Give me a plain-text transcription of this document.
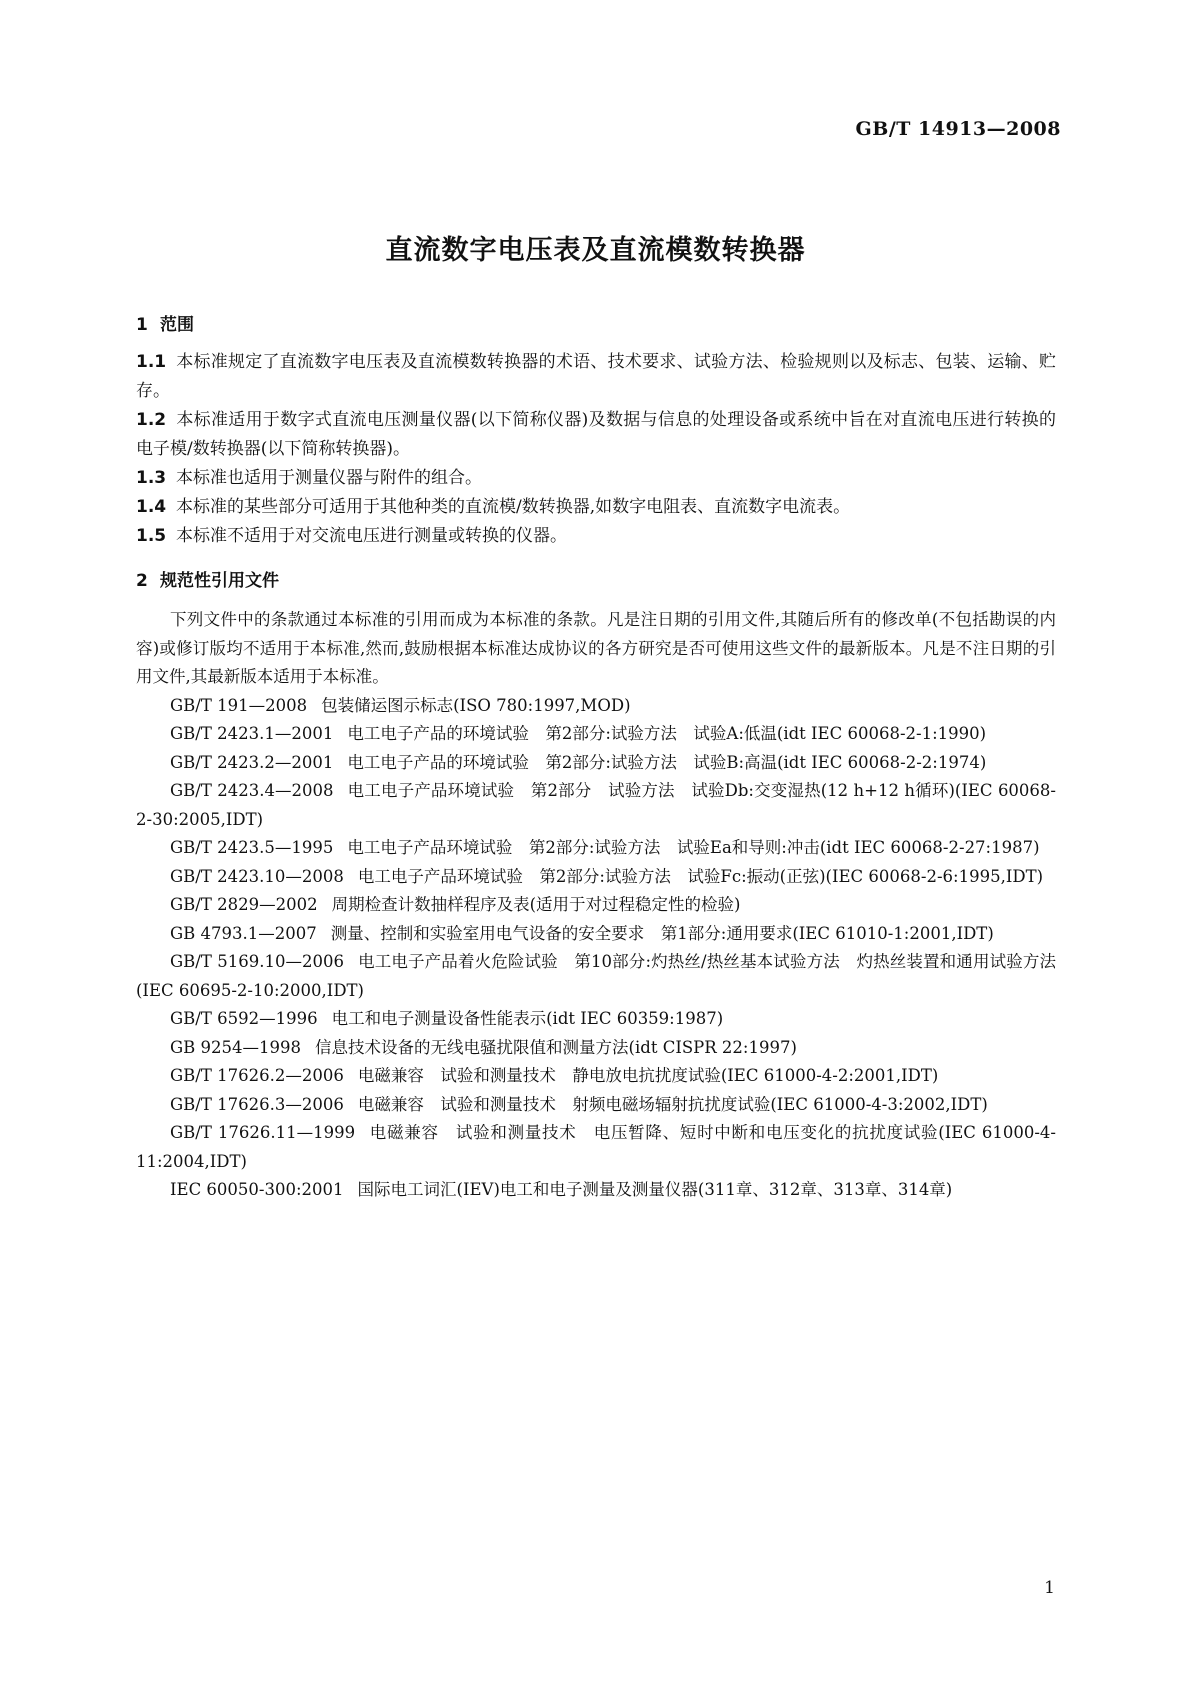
GB/T 14913—2008
直流数字电压表及直流模数转换器
1 范围

1.1 本标准规定了直流数字电压表及直流模数转换器的术语、技术要求、试验方法、检验规则以及标志、包装、运输、贮存。

1.2 本标准适用于数字式直流电压测量仪器(以下简称仪器)及数据与信息的处理设备或系统中旨在对直流电压进行转换的电子模/数转换器(以下简称转换器)。

1.3 本标准也适用于测量仪器与附件的组合。

1.4 本标准的某些部分可适用于其他种类的直流模/数转换器,如数字电阻表、直流数字电流表。

1.5 本标准不适用于对交流电压进行测量或转换的仪器。

2 规范性引用文件

下列文件中的条款通过本标准的引用而成为本标准的条款。凡是注日期的引用文件,其随后所有的修改单(不包括勘误的内容)或修订版均不适用于本标准,然而,鼓励根据本标准达成协议的各方研究是否可使用这些文件的最新版本。凡是不注日期的引用文件,其最新版本适用于本标准。

GB/T 191—2008 包装储运图示标志(ISO 780:1997,MOD)

GB/T 2423.1—2001 电工电子产品的环境试验　第2部分:试验方法　试验A:低温(idt IEC 60068-2-1:1990)

GB/T 2423.2—2001 电工电子产品的环境试验　第2部分:试验方法　试验B:高温(idt IEC 60068-2-2:1974)

GB/T 2423.4—2008 电工电子产品环境试验　第2部分　试验方法　试验Db:交变湿热(12 h+12 h循环)(IEC 60068-2-30:2005,IDT)

GB/T 2423.5—1995 电工电子产品环境试验　第2部分:试验方法　试验Ea和导则:冲击(idt IEC 60068-2-27:1987)

GB/T 2423.10—2008 电工电子产品环境试验　第2部分:试验方法　试验Fc:振动(正弦)(IEC 60068-2-6:1995,IDT)

GB/T 2829—2002 周期检查计数抽样程序及表(适用于对过程稳定性的检验)

GB 4793.1—2007 测量、控制和实验室用电气设备的安全要求　第1部分:通用要求(IEC 61010-1:2001,IDT)

GB/T 5169.10—2006 电工电子产品着火危险试验　第10部分:灼热丝/热丝基本试验方法　灼热丝装置和通用试验方法(IEC 60695-2-10:2000,IDT)

GB/T 6592—1996 电工和电子测量设备性能表示(idt IEC 60359:1987)

GB 9254—1998 信息技术设备的无线电骚扰限值和测量方法(idt CISPR 22:1997)

GB/T 17626.2—2006 电磁兼容　试验和测量技术　静电放电抗扰度试验(IEC 61000-4-2:2001,IDT)

GB/T 17626.3—2006 电磁兼容　试验和测量技术　射频电磁场辐射抗扰度试验(IEC 61000-4-3:2002,IDT)

GB/T 17626.11—1999 电磁兼容　试验和测量技术　电压暂降、短时中断和电压变化的抗扰度试验(IEC 61000-4-11:2004,IDT)

IEC 60050-300:2001 国际电工词汇(IEV)电工和电子测量及测量仪器(311章、312章、313章、314章)

1
